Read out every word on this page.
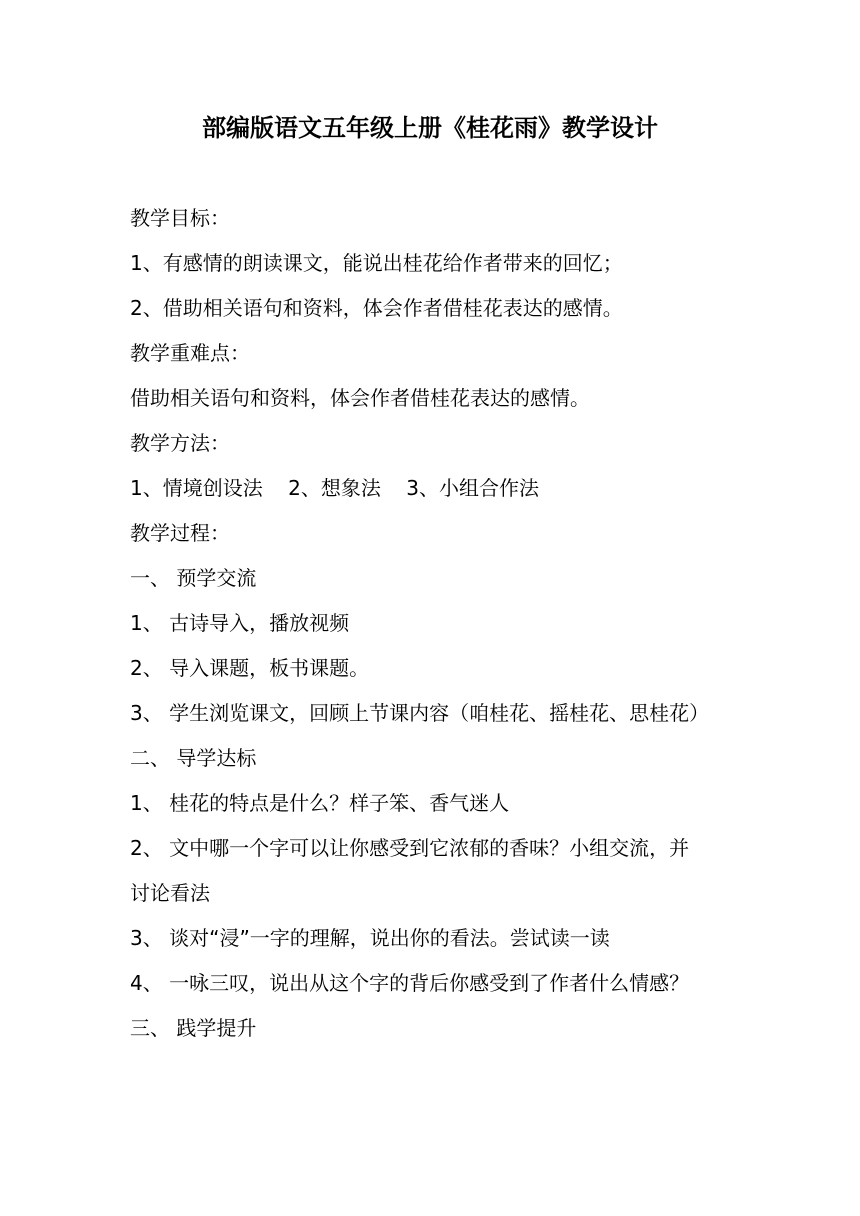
部编版语文五年级上册《桂花雨》教学设计
教学目标：
1、有感情的朗读课文，能说出桂花给作者带来的回忆；
2、借助相关语句和资料，体会作者借桂花表达的感情。
教学重难点：
借助相关语句和资料，体会作者借桂花表达的感情。
教学方法：
1、情境创设法    2、想象法    3、小组合作法
教学过程：
一、 预学交流
1、 古诗导入，播放视频
2、 导入课题，板书课题。
3、 学生浏览课文，回顾上节课内容（咱桂花、摇桂花、思桂花）
二、 导学达标
1、 桂花的特点是什么？样子笨、香气迷人
2、 文中哪一个字可以让你感受到它浓郁的香味？小组交流，并
讨论看法
3、 谈对“浸”一字的理解，说出你的看法。尝试读一读
4、 一咏三叹，说出从这个字的背后你感受到了作者什么情感？
三、 践学提升
